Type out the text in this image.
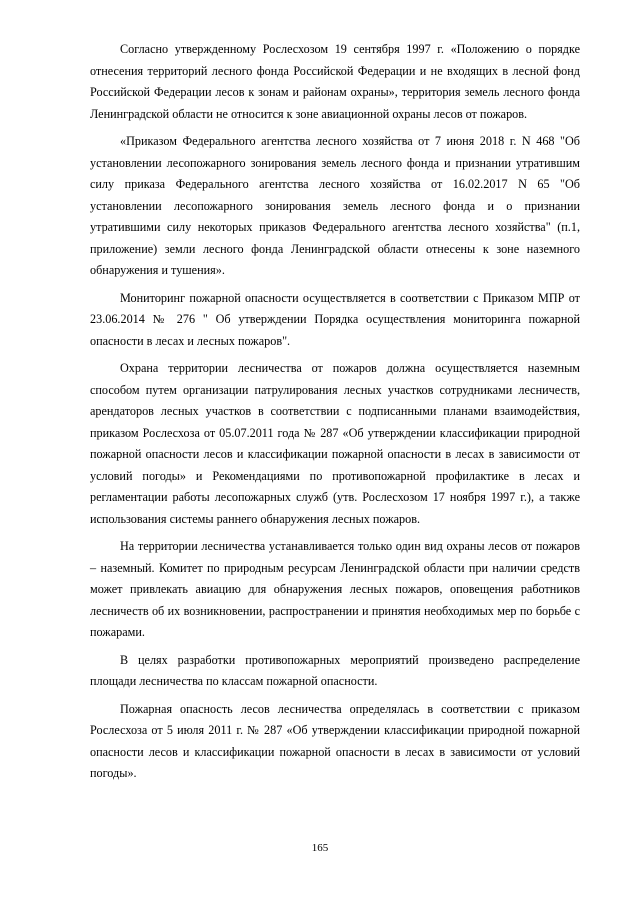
Согласно утвержденному Рослесхозом 19 сентября 1997 г. «Положению о порядке отнесения территорий лесного фонда Российской Федерации и не входящих в лесной фонд Российской Федерации лесов к зонам и районам охраны», территория земель лесного фонда Ленинградской области не относится к зоне авиационной охраны лесов от пожаров.

«Приказом Федерального агентства лесного хозяйства от 7 июня 2018 г. N 468 "Об установлении лесопожарного зонирования земель лесного фонда и признании утратившим силу приказа Федерального агентства лесного хозяйства от 16.02.2017 N 65 "Об установлении лесопожарного зонирования земель лесного фонда и о признании утратившими силу некоторых приказов Федерального агентства лесного хозяйства" (п.1, приложение) земли лесного фонда Ленинградской области отнесены к зоне наземного обнаружения и тушения».

Мониторинг пожарной опасности осуществляется в соответствии с Приказом МПР от 23.06.2014 № 276 " Об утверждении Порядка осуществления мониторинга пожарной опасности в лесах и лесных пожаров".

Охрана территории лесничества от пожаров должна осуществляется наземным способом путем организации патрулирования лесных участков сотрудниками лесничеств, арендаторов лесных участков в соответствии с подписанными планами взаимодействия, приказом Рослесхоза от 05.07.2011 года № 287 «Об утверждении классификации природной пожарной опасности лесов и классификации пожарной опасности в лесах в зависимости от условий погоды» и Рекомендациями по противопожарной профилактике в лесах и регламентации работы лесопожарных служб (утв. Рослесхозом 17 ноября 1997 г.), а также использования системы раннего обнаружения лесных пожаров.

На территории лесничества устанавливается только один вид охраны лесов от пожаров – наземный. Комитет по природным ресурсам Ленинградской области при наличии средств может привлекать авиацию для обнаружения лесных пожаров, оповещения работников лесничеств об их возникновении, распространении и принятия необходимых мер по борьбе с пожарами.

В целях разработки противопожарных мероприятий произведено распределение площади лесничества по классам пожарной опасности.

Пожарная опасность лесов лесничества определялась в соответствии с приказом Рослесхоза от 5 июля 2011 г. № 287 «Об утверждении классификации природной пожарной опасности лесов и классификации пожарной опасности в лесах в зависимости от условий погоды».

165
